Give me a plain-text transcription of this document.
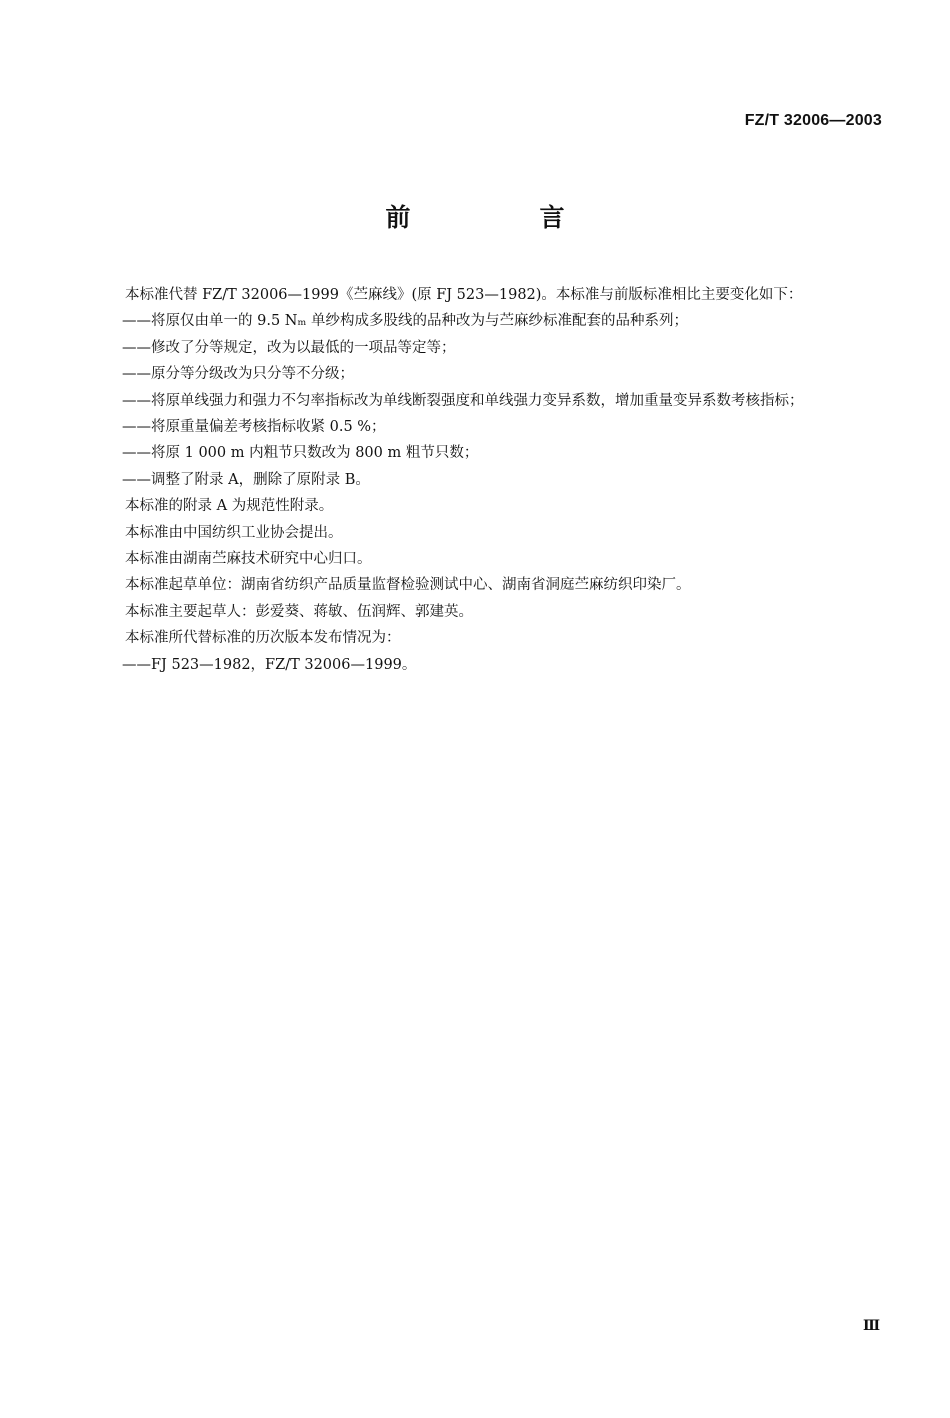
FZ/T 32006—2003
前　言

本标准代替 FZ/T 32006—1999《苎麻线》(原 FJ 523—1982)。本标准与前版标准相比主要变化如下：

——将原仅由单一的 9.5 Nₘ 单纱构成多股线的品种改为与苎麻纱标准配套的品种系列；

——修改了分等规定，改为以最低的一项品等定等；

——原分等分级改为只分等不分级；

——将原单线强力和强力不匀率指标改为单线断裂强度和单线强力变异系数，增加重量变异系数考核指标；

——将原重量偏差考核指标收紧 0.5 %；

——将原 1 000 m 内粗节只数改为 800 m 粗节只数；

——调整了附录 A，删除了原附录 B。

本标准的附录 A 为规范性附录。

本标准由中国纺织工业协会提出。

本标准由湖南苎麻技术研究中心归口。

本标准起草单位：湖南省纺织产品质量监督检验测试中心、湖南省洞庭苎麻纺织印染厂。

本标准主要起草人：彭爱葵、蒋敏、伍润辉、郭建英。

本标准所代替标准的历次版本发布情况为：

——FJ 523—1982，FZ/T 32006—1999。

Ⅲ
